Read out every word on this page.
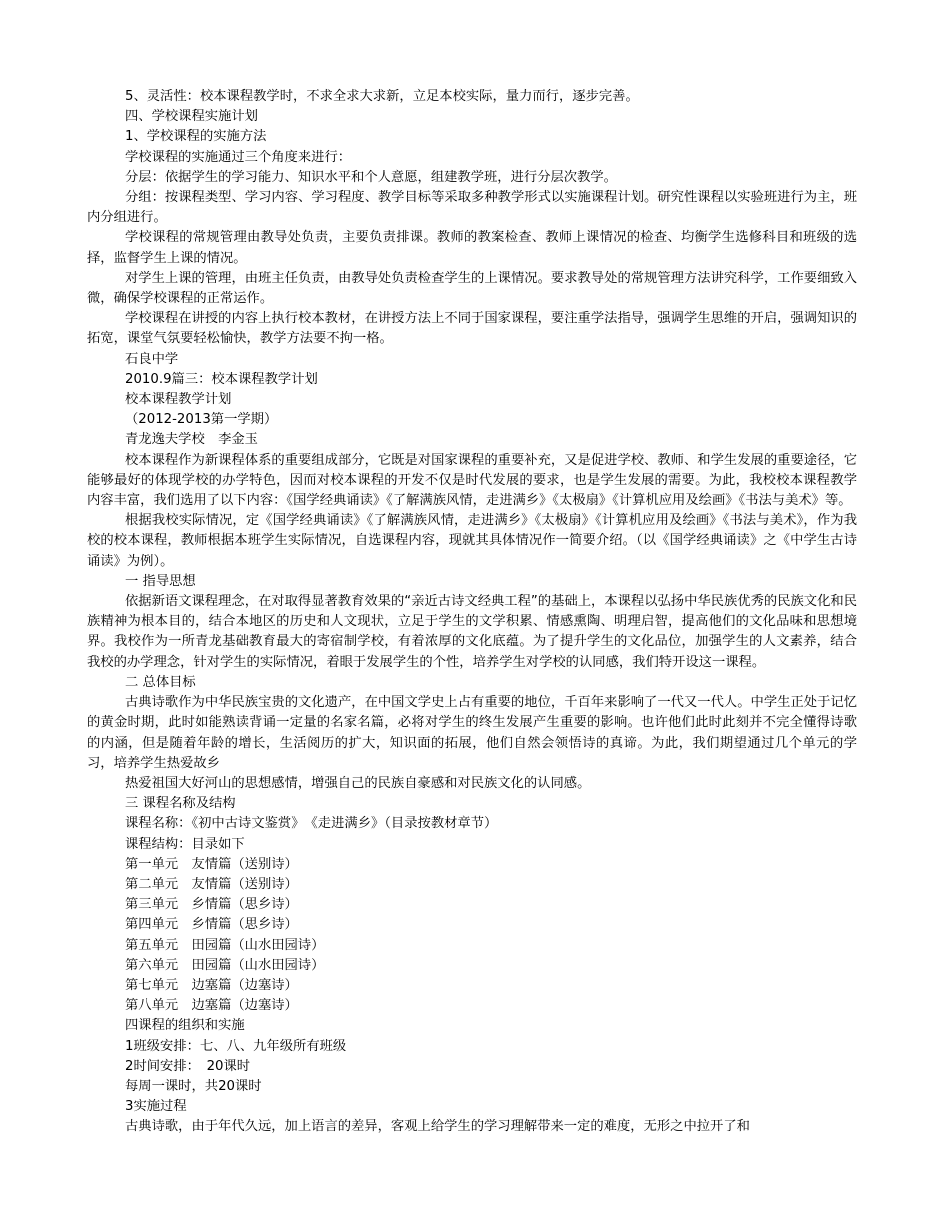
5、灵活性：校本课程教学时，不求全求大求新，立足本校实际，量力而行，逐步完善。

四、学校课程实施计划

1、学校课程的实施方法

学校课程的实施通过三个角度来进行：

分层：依据学生的学习能力、知识水平和个人意愿，组建教学班，进行分层次教学。

分组：按课程类型、学习内容、学习程度、教学目标等采取多种教学形式以实施课程计划。研究性课程以实验班进行为主，班内分组进行。

学校课程的常规管理由教导处负责，主要负责排课。教师的教案检查、教师上课情况的检查、均衡学生选修科目和班级的选择，监督学生上课的情况。

对学生上课的管理，由班主任负责，由教导处负责检查学生的上课情况。要求教导处的常规管理方法讲究科学，工作要细致入微，确保学校课程的正常运作。

学校课程在讲授的内容上执行校本教材，在讲授方法上不同于国家课程，要注重学法指导，强调学生思维的开启，强调知识的拓宽，课堂气氛要轻松愉快，教学方法要不拘一格。

石良中学

2010.9篇三：校本课程教学计划

校本课程教学计划

（2012-2013第一学期）

青龙逸夫学校　李金玉

校本课程作为新课程体系的重要组成部分，它既是对国家课程的重要补充，又是促进学校、教师、和学生发展的重要途径，它能够最好的体现学校的办学特色，因而对校本课程的开发不仅是时代发展的要求，也是学生发展的需要。为此，我校校本课程教学内容丰富，我们选用了以下内容：《国学经典诵读》《了解满族风情，走进满乡》《太极扇》《计算机应用及绘画》《书法与美术》等。

根据我校实际情况，定《国学经典诵读》《了解满族风情，走进满乡》《太极扇》《计算机应用及绘画》《书法与美术》，作为我校的校本课程，教师根据本班学生实际情况，自选课程内容，现就其具体情况作一简要介绍。（以《国学经典诵读》之《中学生古诗诵读》为例）。

一 指导思想

依据新语文课程理念，在对取得显著教育效果的“亲近古诗文经典工程”的基础上，本课程以弘扬中华民族优秀的民族文化和民族精神为根本目的，结合本地区的历史和人文现状，立足于学生的文学积累、情感熏陶、明理启智，提高他们的文化品味和思想境界。我校作为一所青龙基础教育最大的寄宿制学校，有着浓厚的文化底蕴。为了提升学生的文化品位，加强学生的人文素养，结合我校的办学理念，针对学生的实际情况，着眼于发展学生的个性，培养学生对学校的认同感，我们特开设这一课程。

二 总体目标

古典诗歌作为中华民族宝贵的文化遗产，在中国文学史上占有重要的地位，千百年来影响了一代又一代人。中学生正处于记忆的黄金时期，此时如能熟读背诵一定量的名家名篇，必将对学生的终生发展产生重要的影响。也许他们此时此刻并不完全懂得诗歌的内涵，但是随着年龄的增长，生活阅历的扩大，知识面的拓展，他们自然会领悟诗的真谛。为此，我们期望通过几个单元的学习，培养学生热爱故乡

热爱祖国大好河山的思想感情，增强自己的民族自豪感和对民族文化的认同感。

三 课程名称及结构

课程名称：《初中古诗文鉴赏》　《走进满乡》（目录按教材章节）

课程结构：目录如下

第一单元　友情篇（送别诗）

第二单元　友情篇（送别诗）

第三单元　乡情篇（思乡诗）

第四单元　乡情篇（思乡诗）

第五单元　田园篇（山水田园诗）

第六单元　田园篇（山水田园诗）

第七单元　边塞篇（边塞诗）

第八单元　边塞篇（边塞诗）

四课程的组织和实施

1班级安排：七、八、九年级所有班级

2时间安排：　20课时

每周一课时，共20课时

3实施过程

古典诗歌，由于年代久远，加上语言的差异，客观上给学生的学习理解带来一定的难度，无形之中拉开了和
